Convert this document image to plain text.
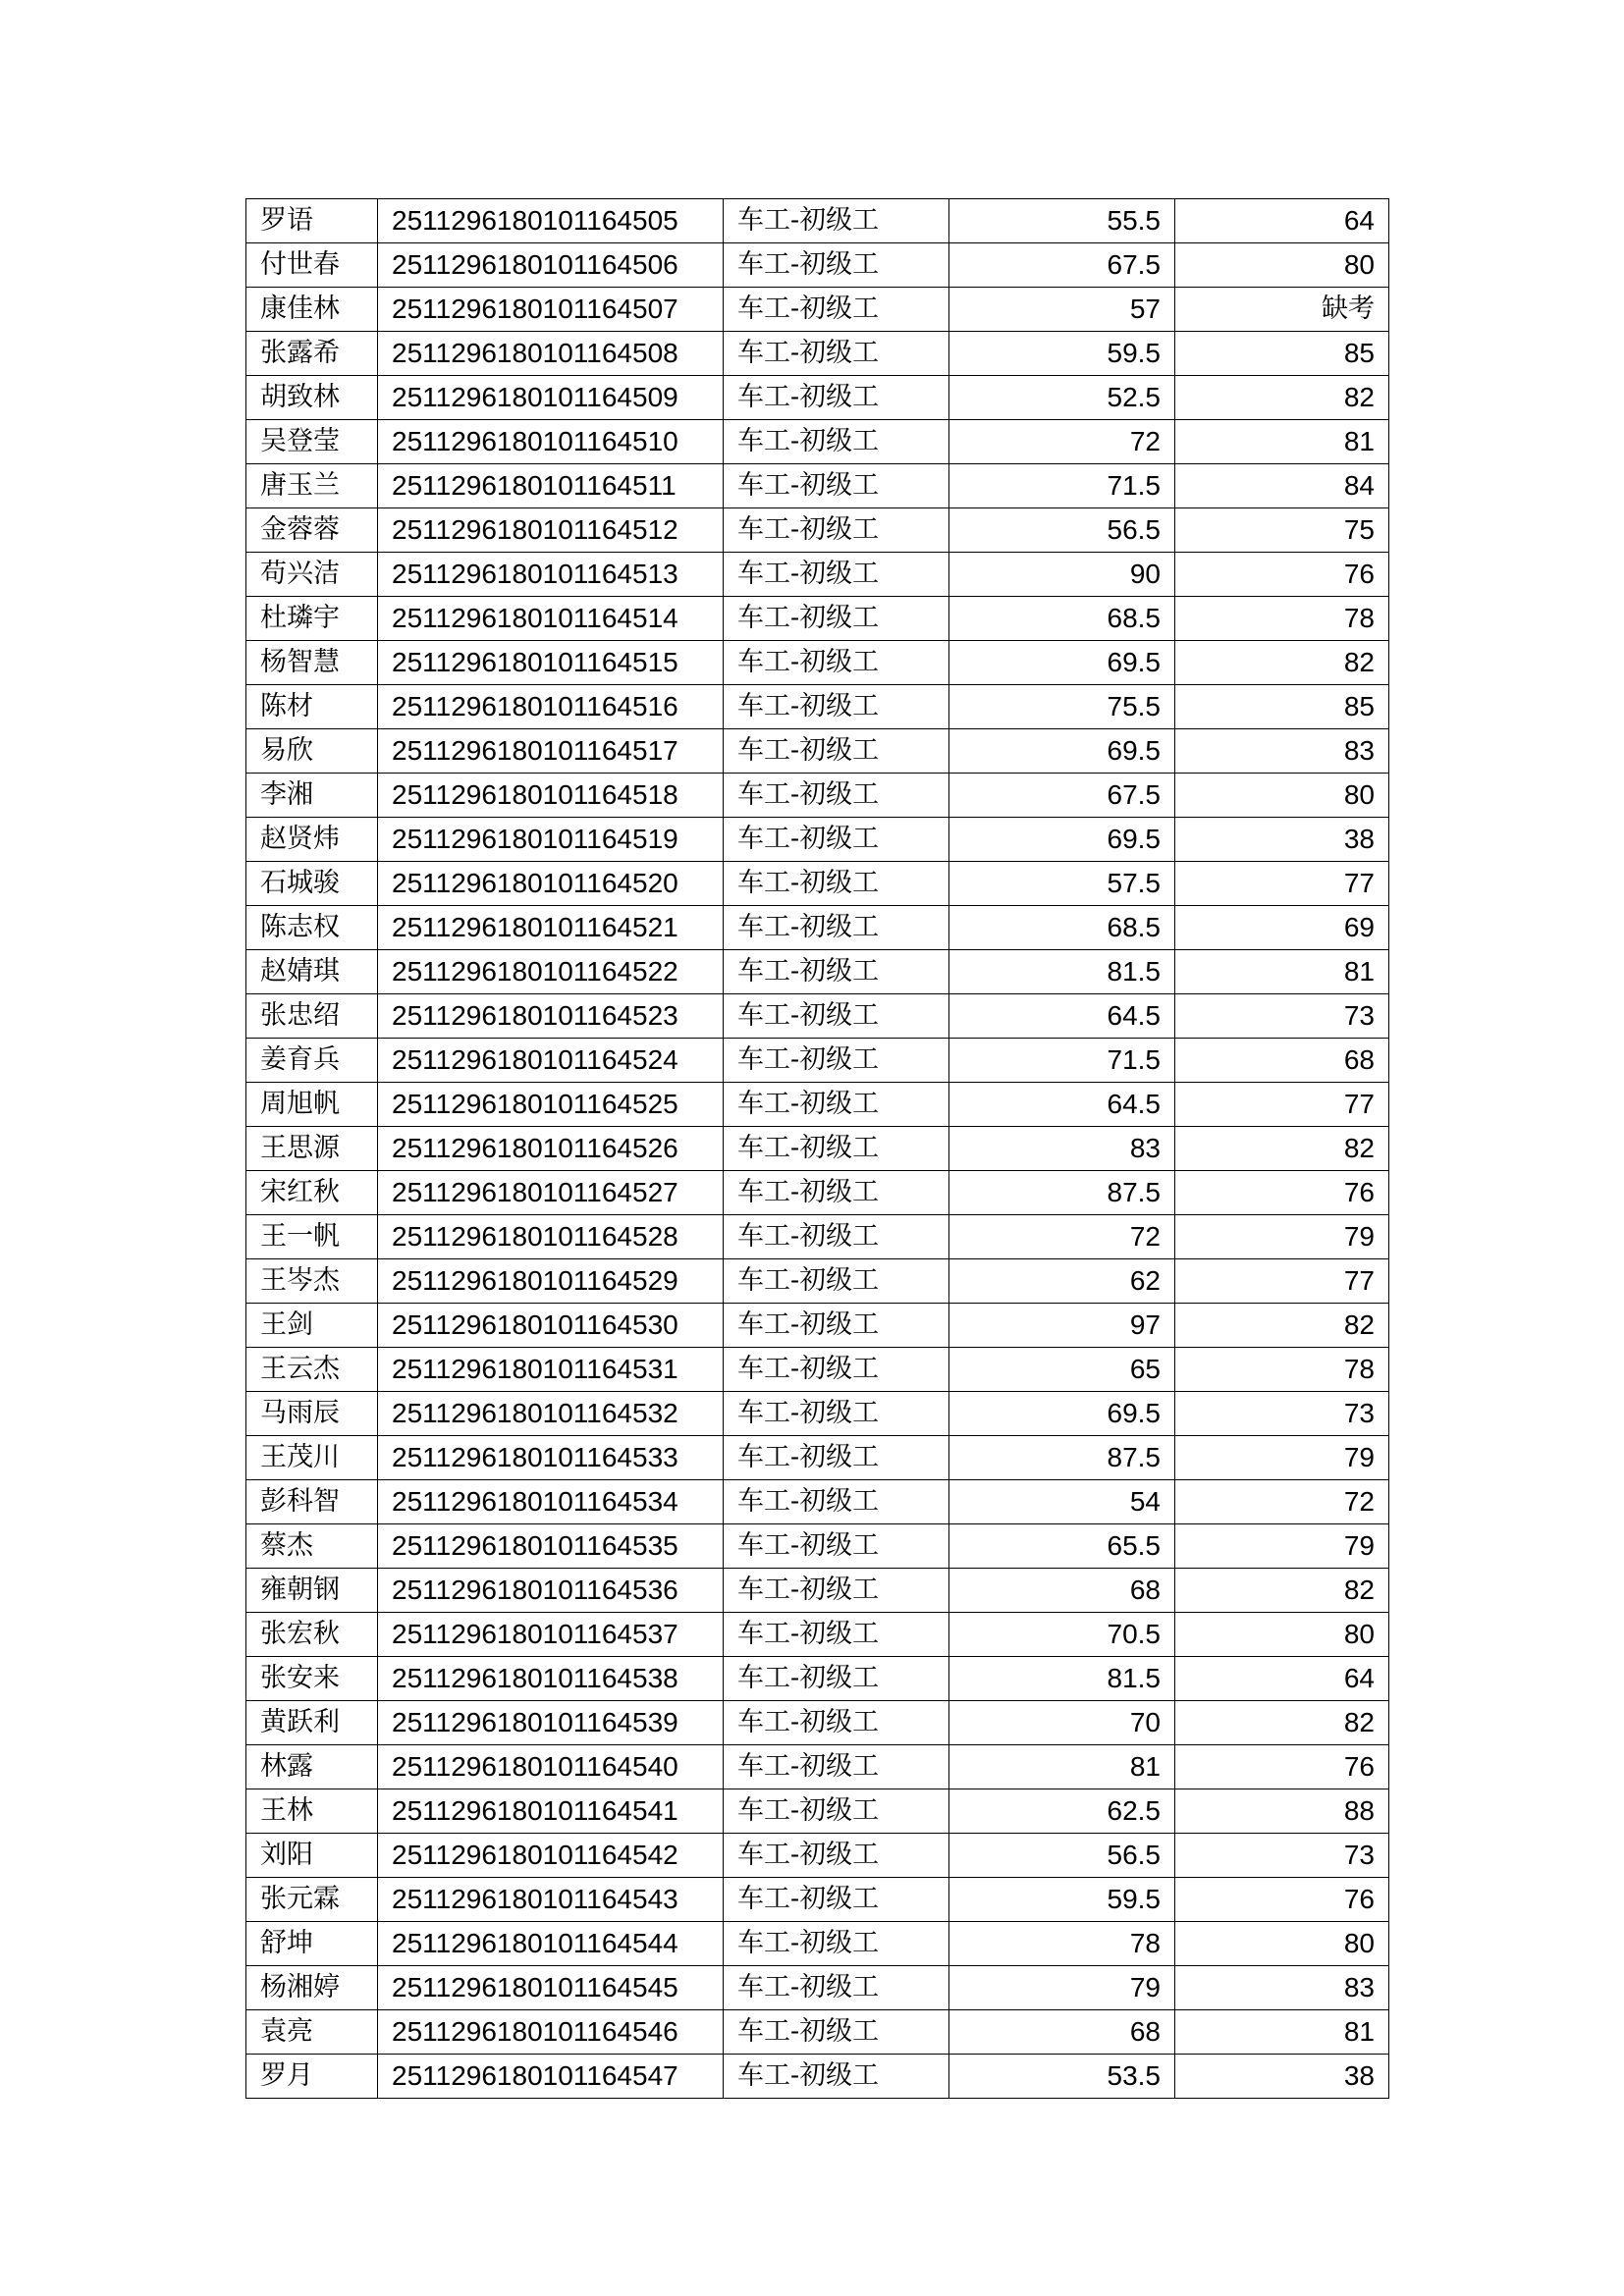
罗语	2511296180101164505	车工-初级工	55.5	64
付世春	2511296180101164506	车工-初级工	67.5	80
康佳林	2511296180101164507	车工-初级工	57	缺考
张露希	2511296180101164508	车工-初级工	59.5	85
胡致林	2511296180101164509	车工-初级工	52.5	82
吴登莹	2511296180101164510	车工-初级工	72	81
唐玉兰	2511296180101164511	车工-初级工	71.5	84
金蓉蓉	2511296180101164512	车工-初级工	56.5	75
苟兴洁	2511296180101164513	车工-初级工	90	76
杜璘宇	2511296180101164514	车工-初级工	68.5	78
杨智慧	2511296180101164515	车工-初级工	69.5	82
陈材	2511296180101164516	车工-初级工	75.5	85
易欣	2511296180101164517	车工-初级工	69.5	83
李湘	2511296180101164518	车工-初级工	67.5	80
赵贤炜	2511296180101164519	车工-初级工	69.5	38
石城骏	2511296180101164520	车工-初级工	57.5	77
陈志权	2511296180101164521	车工-初级工	68.5	69
赵婧琪	2511296180101164522	车工-初级工	81.5	81
张忠绍	2511296180101164523	车工-初级工	64.5	73
姜育兵	2511296180101164524	车工-初级工	71.5	68
周旭帆	2511296180101164525	车工-初级工	64.5	77
王思源	2511296180101164526	车工-初级工	83	82
宋红秋	2511296180101164527	车工-初级工	87.5	76
王一帆	2511296180101164528	车工-初级工	72	79
王岑杰	2511296180101164529	车工-初级工	62	77
王剑	2511296180101164530	车工-初级工	97	82
王云杰	2511296180101164531	车工-初级工	65	78
马雨辰	2511296180101164532	车工-初级工	69.5	73
王茂川	2511296180101164533	车工-初级工	87.5	79
彭科智	2511296180101164534	车工-初级工	54	72
蔡杰	2511296180101164535	车工-初级工	65.5	79
雍朝钢	2511296180101164536	车工-初级工	68	82
张宏秋	2511296180101164537	车工-初级工	70.5	80
张安来	2511296180101164538	车工-初级工	81.5	64
黄跃利	2511296180101164539	车工-初级工	70	82
林露	2511296180101164540	车工-初级工	81	76
王林	2511296180101164541	车工-初级工	62.5	88
刘阳	2511296180101164542	车工-初级工	56.5	73
张元霖	2511296180101164543	车工-初级工	59.5	76
舒坤	2511296180101164544	车工-初级工	78	80
杨湘婷	2511296180101164545	车工-初级工	79	83
袁亮	2511296180101164546	车工-初级工	68	81
罗月	2511296180101164547	车工-初级工	53.5	38
